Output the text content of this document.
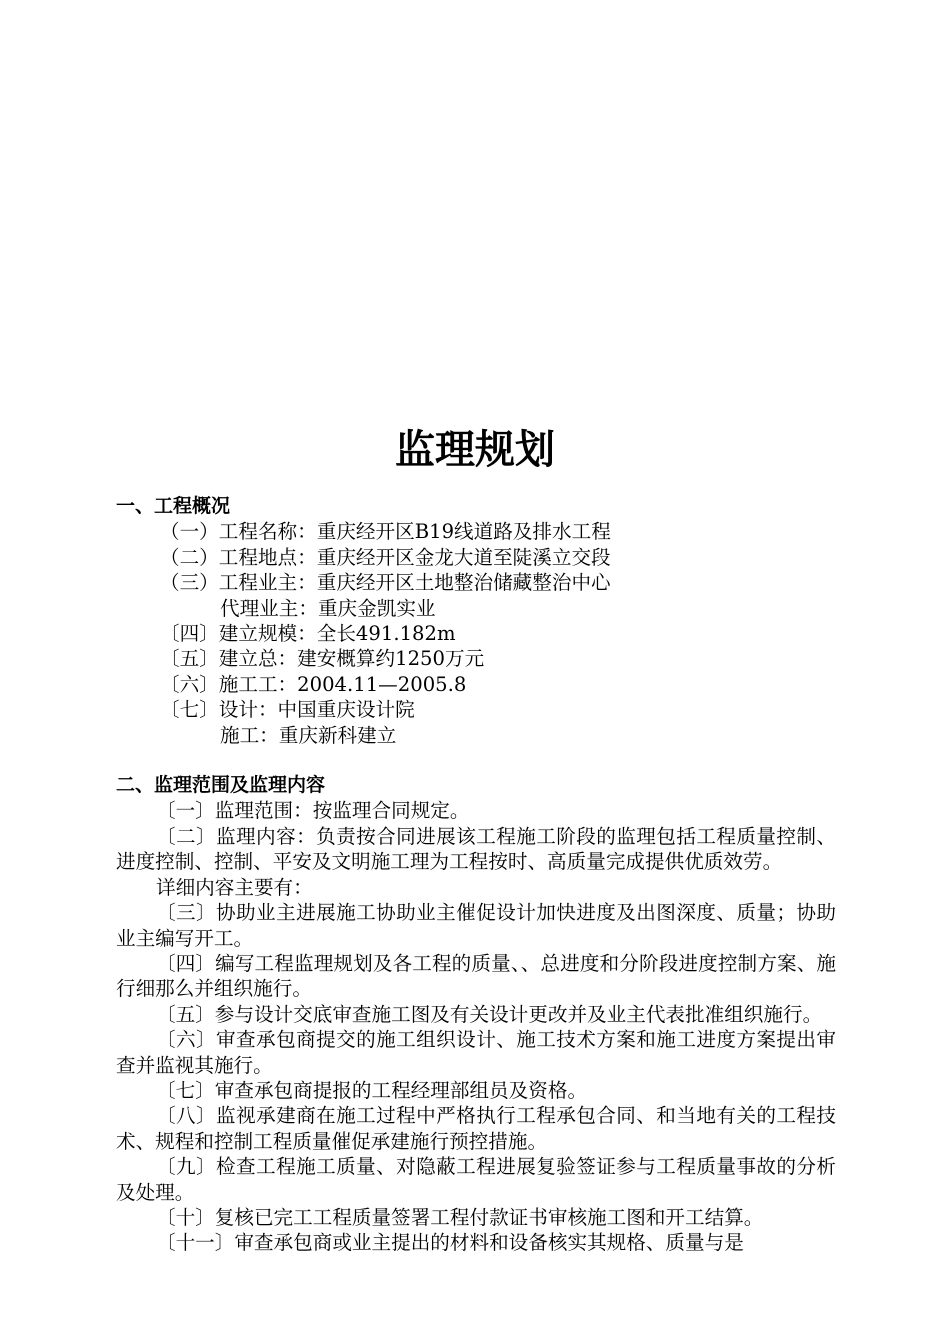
监理规划
一、工程概况
（一）工程名称：重庆经开区B19线道路及排水工程
（二）工程地点：重庆经开区金龙大道至陡溪立交段
（三）工程业主：重庆经开区土地整治储藏整治中心
代理业主：重庆金凯实业
〔四〕建立规模：全长491.182m
〔五〕建立总：建安概算约1250万元
〔六〕施工工：2004.11—2005.8
〔七〕设计：中国重庆设计院
施工：重庆新科建立
二、监理范围及监理内容
〔一〕监理范围：按监理合同规定。
〔二〕监理内容：负责按合同进展该工程施工阶段的监理包括工程质量控制、进度控制、控制、平安及文明施工理为工程按时、高质量完成提供优质效劳。
详细内容主要有：
〔三〕协助业主进展施工协助业主催促设计加快进度及出图深度、质量；协助业主编写开工。
〔四〕编写工程监理规划及各工程的质量、、总进度和分阶段进度控制方案、施行细那么并组织施行。
〔五〕参与设计交底审查施工图及有关设计更改并及业主代表批准组织施行。
〔六〕审查承包商提交的施工组织设计、施工技术方案和施工进度方案提出审查并监视其施行。
〔七〕审查承包商提报的工程经理部组员及资格。
〔八〕监视承建商在施工过程中严格执行工程承包合同、和当地有关的工程技术、规程和控制工程质量催促承建施行预控措施。
〔九〕检查工程施工质量、对隐蔽工程进展复验签证参与工程质量事故的分析及处理。
〔十〕复核已完工工程质量签署工程付款证书审核施工图和开工结算。
〔十一〕审查承包商或业主提出的材料和设备核实其规格、质量与是
